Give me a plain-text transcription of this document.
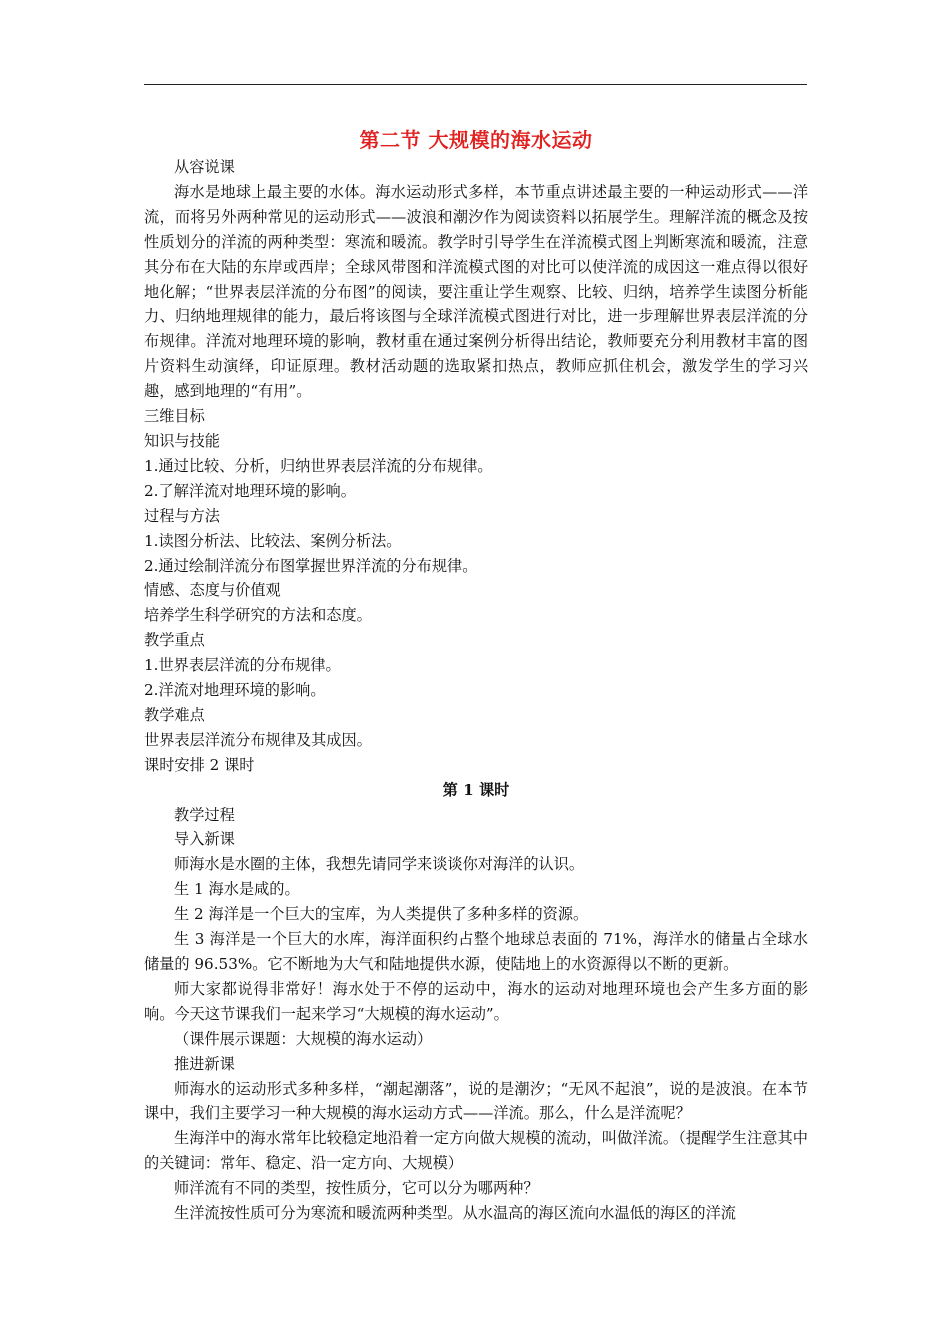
第二节 大规模的海水运动

从容说课

海水是地球上最主要的水体。海水运动形式多样，本节重点讲述最主要的一种运动形式——洋流，而将另外两种常见的运动形式——波浪和潮汐作为阅读资料以拓展学生。理解洋流的概念及按性质划分的洋流的两种类型：寒流和暖流。教学时引导学生在洋流模式图上判断寒流和暖流，注意其分布在大陆的东岸或西岸；全球风带图和洋流模式图的对比可以使洋流的成因这一难点得以很好地化解；“世界表层洋流的分布图”的阅读，要注重让学生观察、比较、归纳，培养学生读图分析能力、归纳地理规律的能力，最后将该图与全球洋流模式图进行对比，进一步理解世界表层洋流的分布规律。洋流对地理环境的影响，教材重在通过案例分析得出结论，教师要充分利用教材丰富的图片资料生动演绎，印证原理。教材活动题的选取紧扣热点，教师应抓住机会，激发学生的学习兴趣，感到地理的“有用”。

三维目标

知识与技能

1.通过比较、分析，归纳世界表层洋流的分布规律。

2.了解洋流对地理环境的影响。

过程与方法

1.读图分析法、比较法、案例分析法。

2.通过绘制洋流分布图掌握世界洋流的分布规律。

情感、态度与价值观

培养学生科学研究的方法和态度。

教学重点

1.世界表层洋流的分布规律。

2.洋流对地理环境的影响。

教学难点

世界表层洋流分布规律及其成因。

课时安排 2 课时

第 1 课时

教学过程

导入新课

师海水是水圈的主体，我想先请同学来谈谈你对海洋的认识。

生 1 海水是咸的。

生 2 海洋是一个巨大的宝库，为人类提供了多种多样的资源。

生 3 海洋是一个巨大的水库，海洋面积约占整个地球总表面的 71%，海洋水的储量占全球水储量的 96.53%。它不断地为大气和陆地提供水源，使陆地上的水资源得以不断的更新。

师大家都说得非常好！海水处于不停的运动中，海水的运动对地理环境也会产生多方面的影响。今天这节课我们一起来学习“大规模的海水运动”。

（课件展示课题：大规模的海水运动）

推进新课

师海水的运动形式多种多样，“潮起潮落”，说的是潮汐；“无风不起浪”，说的是波浪。在本节课中，我们主要学习一种大规模的海水运动方式——洋流。那么，什么是洋流呢？

生海洋中的海水常年比较稳定地沿着一定方向做大规模的流动，叫做洋流。（提醒学生注意其中的关键词：常年、稳定、沿一定方向、大规模）

师洋流有不同的类型，按性质分，它可以分为哪两种？

生洋流按性质可分为寒流和暖流两种类型。从水温高的海区流向水温低的海区的洋流
